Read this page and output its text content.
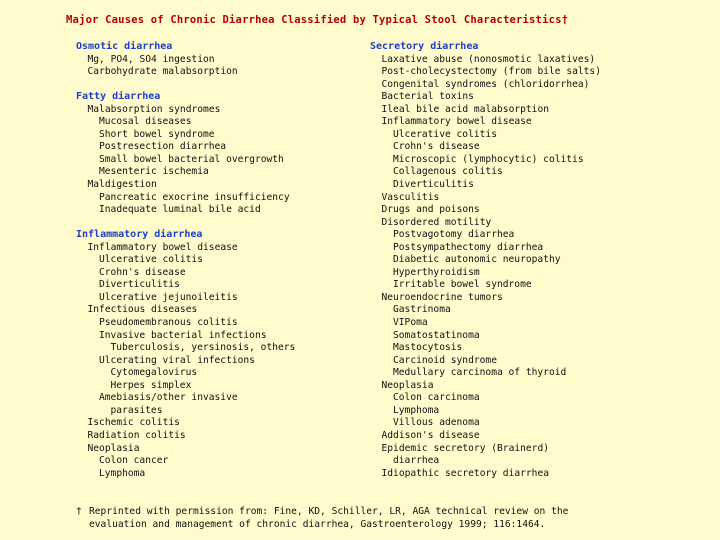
Major Causes of Chronic Diarrhea Classified by Typical Stool Characteristics†
Osmotic diarrhea
Mg, PO4, SO4 ingestion
Carbohydrate malabsorption
Fatty diarrhea
Malabsorption syndromes
Mucosal diseases
Short bowel syndrome
Postresection diarrhea
Small bowel bacterial overgrowth
Mesenteric ischemia
Maldigestion
Pancreatic exocrine insufficiency
Inadequate luminal bile acid
Inflammatory diarrhea
Inflammatory bowel disease
Ulcerative colitis
Crohn's disease
Diverticulitis
Ulcerative jejunoileitis
Infectious diseases
Pseudomembranous colitis
Invasive bacterial infections
Tuberculosis, yersinosis, others
Ulcerating viral infections
Cytomegalovirus
Herpes simplex
Amebiasis/other invasive
parasites
Ischemic colitis
Radiation colitis
Neoplasia
Colon cancer
Lymphoma
Secretory diarrhea
Laxative abuse (nonosmotic laxatives)
Post-cholecystectomy (from bile salts)
Congenital syndromes (chloridorrhea)
Bacterial toxins
Ileal bile acid malabsorption
Inflammatory bowel disease
Ulcerative colitis
Crohn's disease
Microscopic (lymphocytic) colitis
Collagenous colitis
Diverticulitis
Vasculitis
Drugs and poisons
Disordered motility
Postvagotomy diarrhea
Postsympathectomy diarrhea
Diabetic autonomic neuropathy
Hyperthyroidism
Irritable bowel syndrome
Neuroendocrine tumors
Gastrinoma
VIPoma
Somatostatinoma
Mastocytosis
Carcinoid syndrome
Medullary carcinoma of thyroid
Neoplasia
Colon carcinoma
Lymphoma
Villous adenoma
Addison's disease
Epidemic secretory (Brainerd)
diarrhea
Idiopathic secretory diarrhea
† Reprinted with permission from: Fine, KD, Schiller, LR, AGA technical review on the
evaluation and management of chronic diarrhea, Gastroenterology 1999; 116:1464.
